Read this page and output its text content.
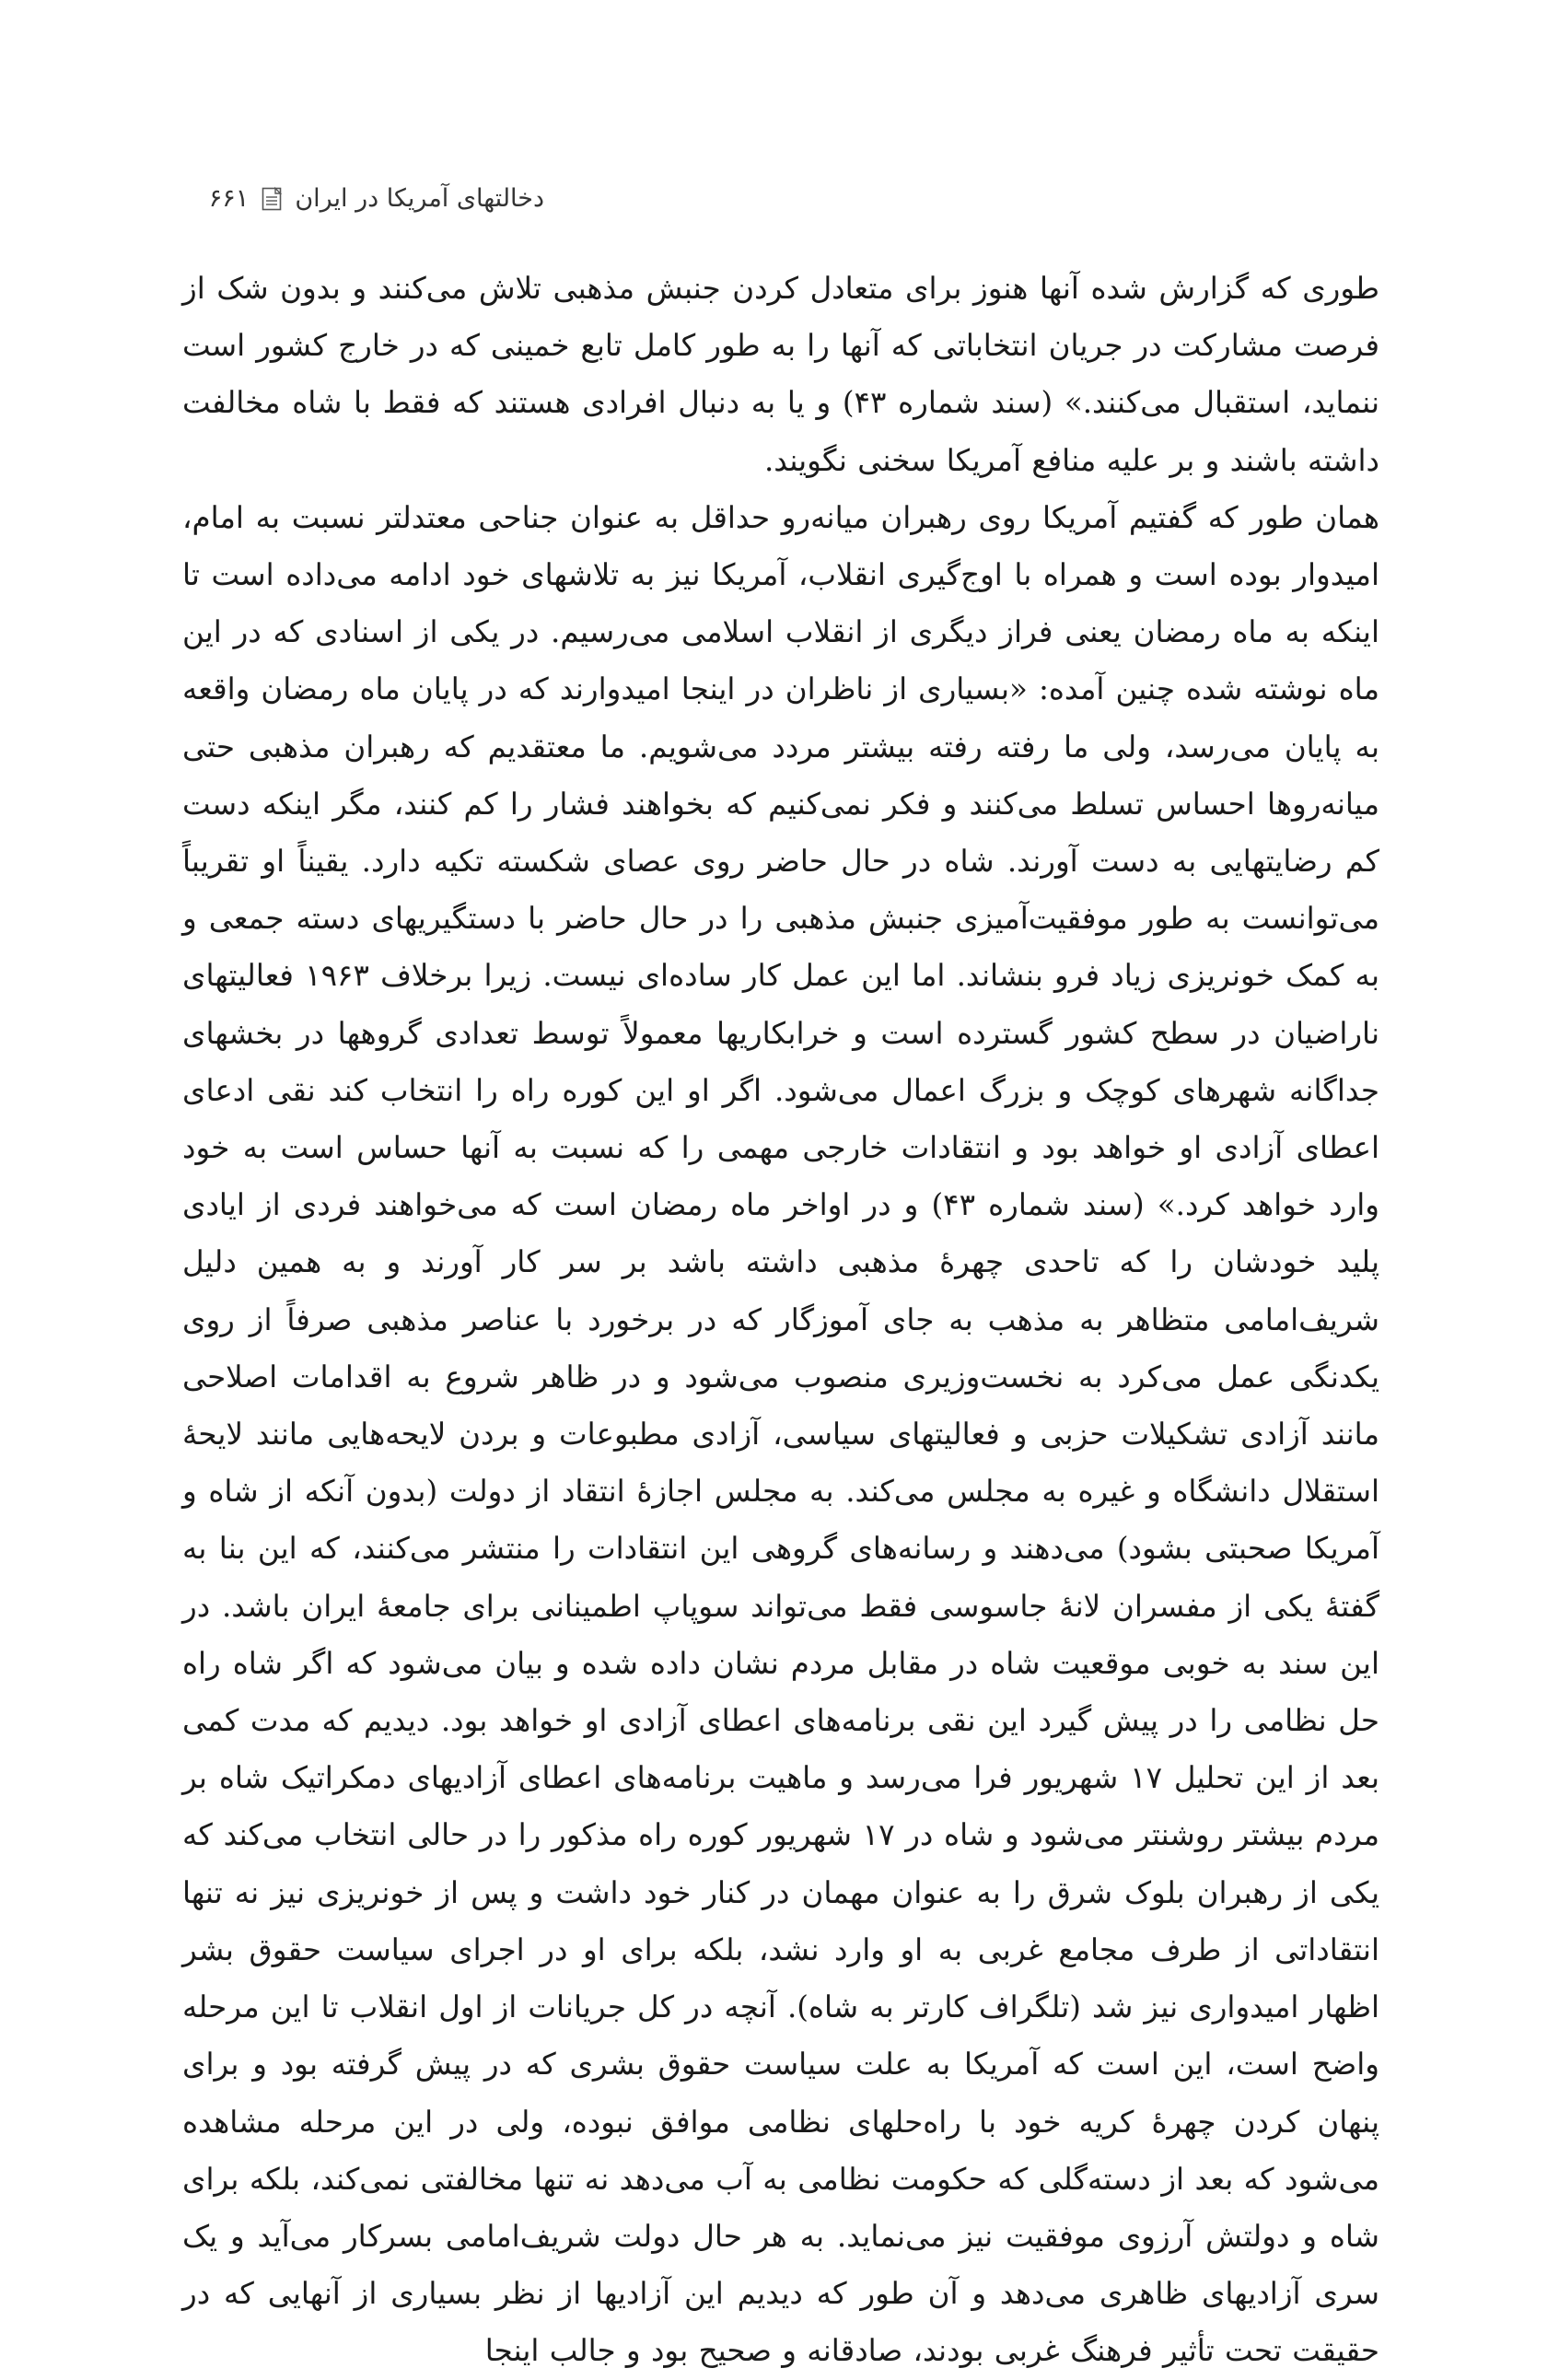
دخالتهای آمریکا در ایران
۶۶۱

طوری که گزارش شده آنها هنوز برای متعادل کردن جنبش مذهبی تلاش می‌کنند و بدون شک از فرصت مشارکت در جریان انتخاباتی که آنها را به طور کامل تابع خمینی که در خارج کشور است ننماید، استقبال می‌کنند.» (سند شماره ۴۳) و یا به دنبال افرادی هستند که فقط با شاه مخالفت داشته باشند و بر علیه منافع آمریکا سخنی نگویند.

همان طور که گفتیم آمریکا روی رهبران میانه‌رو حداقل به عنوان جناحی معتدلتر نسبت به امام، امیدوار بوده است و همراه با اوج‌گیری انقلاب، آمریکا نیز به تلاشهای خود ادامه می‌داده است تا اینکه به ماه رمضان یعنی فراز دیگری از انقلاب اسلامی می‌رسیم. در یکی از اسنادی که در این ماه نوشته شده چنین آمده: «بسیاری از ناظران در اینجا امیدوارند که در پایان ماه رمضان واقعه به پایان می‌رسد، ولی ما رفته رفته بیشتر مردد می‌شویم. ما معتقدیم که رهبران مذهبی حتی میانه‌روها احساس تسلط می‌کنند و فکر نمی‌کنیم که بخواهند فشار را کم کنند، مگر اینکه دست کم رضایتهایی به دست آورند. شاه در حال حاضر روی عصای شکسته تکیه دارد. یقیناً او تقریباً می‌توانست به طور موفقیت‌آمیزی جنبش مذهبی را در حال حاضر با دستگیریهای دسته جمعی و به کمک خونریزی زیاد فرو بنشاند. اما این عمل کار ساده‌ای نیست. زیرا برخلاف ۱۹۶۳ فعالیتهای ناراضیان در سطح کشور گسترده است و خرابکاریها معمولاً توسط تعدادی گروهها در بخشهای جداگانه شهرهای کوچک و بزرگ اعمال می‌شود. اگر او این کوره راه را انتخاب کند نقی ادعای اعطای آزادی او خواهد بود و انتقادات خارجی مهمی را که نسبت به آنها حساس است به خود وارد خواهد کرد.» (سند شماره ۴۳) و در اواخر ماه رمضان است که می‌خواهند فردی از ایادی پلید خودشان را که تاحدی چهرهٔ مذهبی داشته باشد بر سر کار آورند و به همین دلیل شریف‌امامی متظاهر به مذهب به جای آموزگار که در برخورد با عناصر مذهبی صرفاً از روی یکدنگی عمل می‌کرد به نخست‌وزیری منصوب می‌شود و در ظاهر شروع به اقدامات اصلاحی مانند آزادی تشکیلات حزبی و فعالیتهای سیاسی، آزادی مطبوعات و بردن لایحه‌هایی مانند لایحهٔ استقلال دانشگاه و غیره به مجلس می‌کند. به مجلس اجازهٔ انتقاد از دولت (بدون آنکه از شاه و آمریکا صحبتی بشود) می‌دهند و رسانه‌های گروهی این انتقادات را منتشر می‌کنند، که این بنا به گفتهٔ یکی از مفسران لانهٔ جاسوسی فقط می‌تواند سوپاپ اطمینانی برای جامعهٔ ایران باشد. در این سند به خوبی موقعیت شاه در مقابل مردم نشان داده شده و بیان می‌شود که اگر شاه راه حل نظامی را در پیش گیرد این نقی برنامه‌های اعطای آزادی او خواهد بود. دیدیم که مدت کمی بعد از این تحلیل ۱۷ شهریور فرا می‌رسد و ماهیت برنامه‌های اعطای آزادیهای دمکراتیک شاه بر مردم بیشتر روشنتر می‌شود و شاه در ۱۷ شهریور کوره راه مذکور را در حالی انتخاب می‌کند که یکی از رهبران بلوک شرق را به عنوان مهمان در کنار خود داشت و پس از خونریزی نیز نه تنها انتقاداتی از طرف مجامع غربی به او وارد نشد، بلکه برای او در اجرای سیاست حقوق بشر اظهار امیدواری نیز شد (تلگراف کارتر به شاه). آنچه در کل جریانات از اول انقلاب تا این مرحله واضح است، این است که آمریکا به علت سیاست حقوق بشری که در پیش گرفته بود و برای پنهان کردن چهرهٔ کریه خود با راه‌حلهای نظامی موافق نبوده، ولی در این مرحله مشاهده می‌شود که بعد از دسته‌گلی که حکومت نظامی به آب می‌دهد نه تنها مخالفتی نمی‌کند، بلکه برای شاه و دولتش آرزوی موفقیت نیز می‌نماید. به هر حال دولت شریف‌امامی بسرکار می‌آید و یک سری آزادیهای ظاهری می‌دهد و آن طور که دیدیم این آزادیها از نظر بسیاری از آنهایی که در حقیقت تحت تأثیر فرهنگ غربی بودند، صادقانه و صحیح بود و جالب اینجا
